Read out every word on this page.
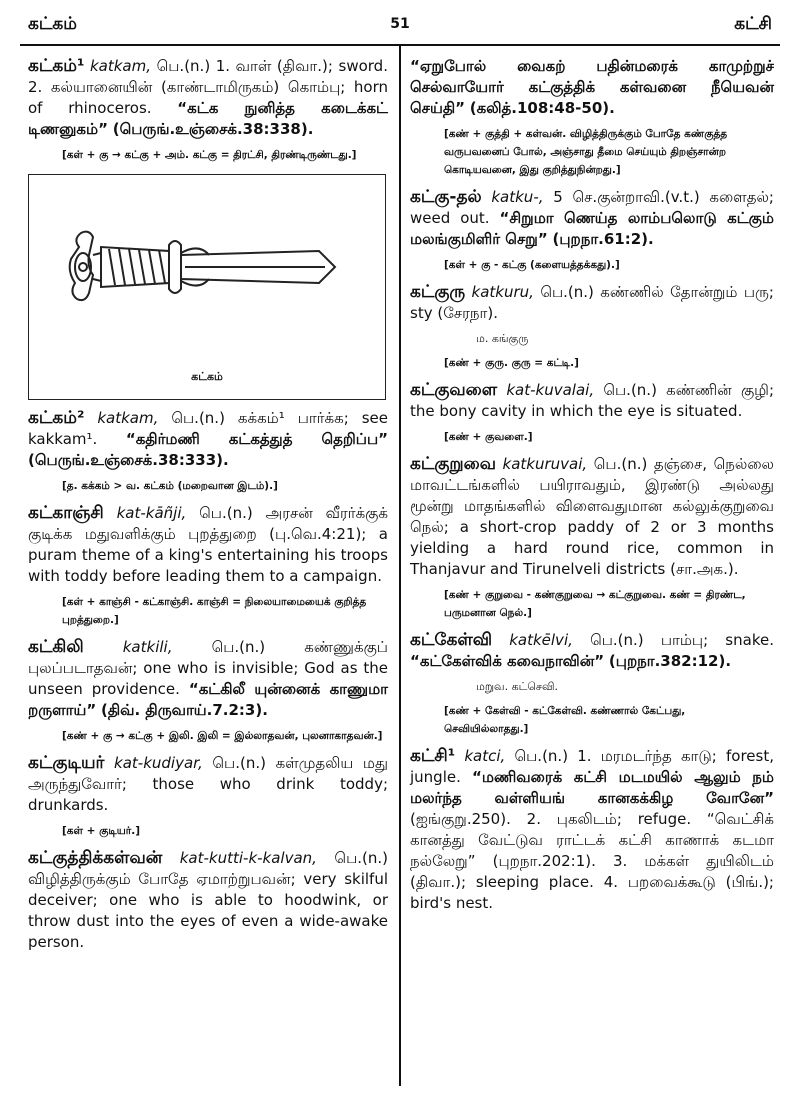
கட்கம்	51	கட்சி
கட்கம்¹ katkam, பெ.(n.) 1. வாள் (திவா.); sword. 2. கல்யானையின் (காண்டாமிருகம்) கொம்பு; horn of rhinoceros. “கட்க நுனித்த கடைக்கட் டிணனுகம்” (பெருங்.உஞ்சைக்.38:338).
[கள் + கு → கட்கு + அம். கட்கு = திரட்சி, திரண்டிருண்டது.]
கட்கம்
கட்கம்² katkam, பெ.(n.) கக்கம்¹ பார்க்க; see kakkam¹. “கதிர்மணி கட்கத்துத் தெறிப்ப” (பெருங்.உஞ்சைக்.38:333).
[த. கக்கம் > வ. கட்கம் (மறைவான இடம்).]
கட்காஞ்சி kat-kāñji, பெ.(n.) அரசன் வீரர்க்குக் குடிக்க மதுவளிக்கும் புறத்துறை (பு.வெ.4:21); a puram theme of a king's entertaining his troops with toddy before leading them to a campaign.
[கள் + காஞ்சி - கட்காஞ்சி. காஞ்சி = நிலையாமையைக் குறித்த புறத்துறை.]
கட்கிலி	katkili,	பெ.(n.) கண்ணுக்குப் புலப்படாதவன்; one who is invisible; God as the unseen providence. “கட்கிலீ யுன்னைக் காணுமா றருளாய்” (திவ். திருவாய்.7.2:3).
[கண் + கு → கட்கு + இலி. இலி = இல்லாதவன், புலனாகாதவன்.]
கட்குடியர் kat-kudiyar, பெ.(n.) கள்முதலிய மது அருந்துவோர்; those who drink toddy; drunkards.
[கள் + குடியர்.]
கட்குத்திக்கள்வன் kat-kutti-k-kalvan, பெ.(n.) விழித்திருக்கும் போதே ஏமாற்றுபவன்; very skilful deceiver; one who is able to hoodwink, or throw dust into the eyes of even a wide-awake person.
“ஏறுபோல் வைகற் பதின்மரைக் காமுற்றுச் செல்வாயோர் கட்குத்திக் கள்வனை நீயெவன் செய்தி” (கலித்.108:48-50).
[கண் + குத்தி + கள்வன். விழித்திருக்கும் போதே கண்குத்த வருபவனைப் போல், அஞ்சாது தீமை செய்யும் திறஞ்சான்ற கொடியவனை, இது குறித்துநின்றது.]
கட்கு-தல் katku-, 5 செ.குன்றாவி.(v.t.) களைதல்; weed out. “சிறுமா ணெய்த லாம்பலொடு கட்கும் மலங்குமிளிர் செறு” (புறநா.61:2).
[கள் + கு - கட்கு (களையத்தக்கது).]
கட்குரு katkuru, பெ.(n.) கண்ணில் தோன்றும் பரு; sty (சேரநா).
ம. கங்குரு
[கண் + குரு. குரு = கட்டி.]
கட்குவளை kat-kuvalai, பெ.(n.) கண்ணின் குழி; the bony cavity in which the eye is situated.
[கண் + குவளை.]
கட்குறுவை katkuruvai, பெ.(n.) தஞ்சை, நெல்லை மாவட்டங்களில் பயிராவதும், இரண்டு அல்லது மூன்று மாதங்களில் விளைவதுமான கல்லுக்குறுவை நெல்; a short-crop paddy of 2 or 3 months yielding a hard round rice, common in Thanjavur and Tirunelveli districts (சா.அக.).
[கண் + குறுவை - கண்குறுவை → கட்குறுவை. கண் = திரண்ட, பருமனான நெல்.]
கட்கேள்வி katkēlvi, பெ.(n.) பாம்பு; snake. “கட்கேள்விக் கவைநாவின்” (புறநா.382:12).
மறுவ. கட்செவி.
[கண் + கேள்வி - கட்கேள்வி. கண்ணால் கேட்பது, செவியில்லாதது.]
கட்சி¹ katci, பெ.(n.) 1. மரமடர்ந்த காடு; forest, jungle. “மணிவரைக் கட்சி மடமயில் ஆலும் நம் மலர்ந்த வள்ளியங் கானகக்கிழ வோனே” (ஐங்குறு.250). 2. புகலிடம்; refuge. “வெட்சிக் கானத்து வேட்டுவ ராட்டக் கட்சி காணாக் கடமா நல்லேறு” (புறநா.202:1). 3. மக்கள் துயிலிடம் (திவா.); sleeping place. 4. பறவைக்கூடு (பிங்.); bird's nest.
